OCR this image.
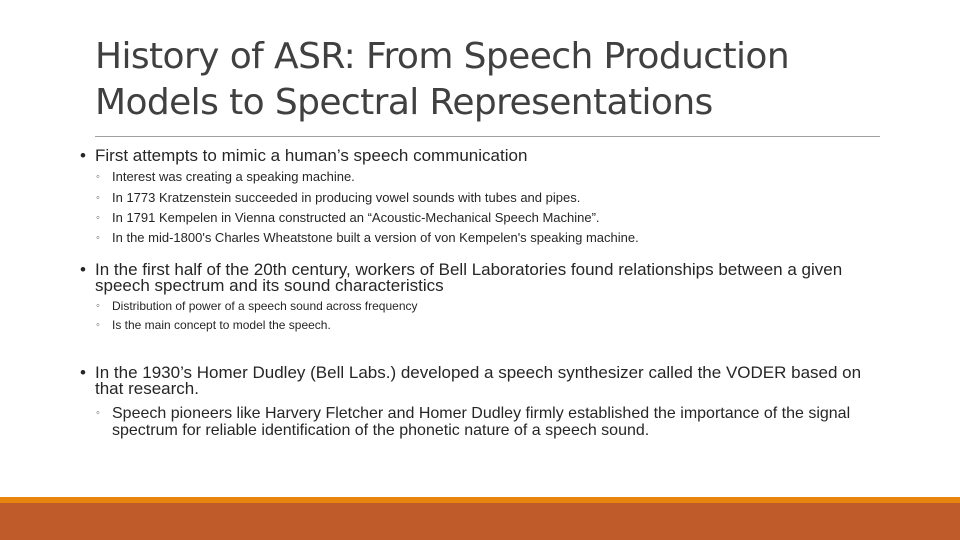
History of ASR: From Speech Production
Models to Spectral Representations
• First attempts to mimic a human’s speech communication
◦ Interest was creating a speaking machine.
◦ In 1773 Kratzenstein succeeded in producing vowel sounds with tubes and pipes.
◦ In 1791 Kempelen in Vienna constructed an “Acoustic-Mechanical Speech Machine”.
◦ In the mid-1800's Charles Wheatstone built a version of von Kempelen's speaking machine.
• In the first half of the 20th century, workers of Bell Laboratories found relationships between a given speech spectrum and its sound characteristics
◦ Distribution of power of a speech sound across frequency
◦ Is the main concept to model the speech.
• In the 1930’s Homer Dudley (Bell Labs.) developed a speech synthesizer called the VODER based on that research.
◦ Speech pioneers like Harvery Fletcher and Homer Dudley firmly established the importance of the signal spectrum for reliable identification of the phonetic nature of a speech sound.
